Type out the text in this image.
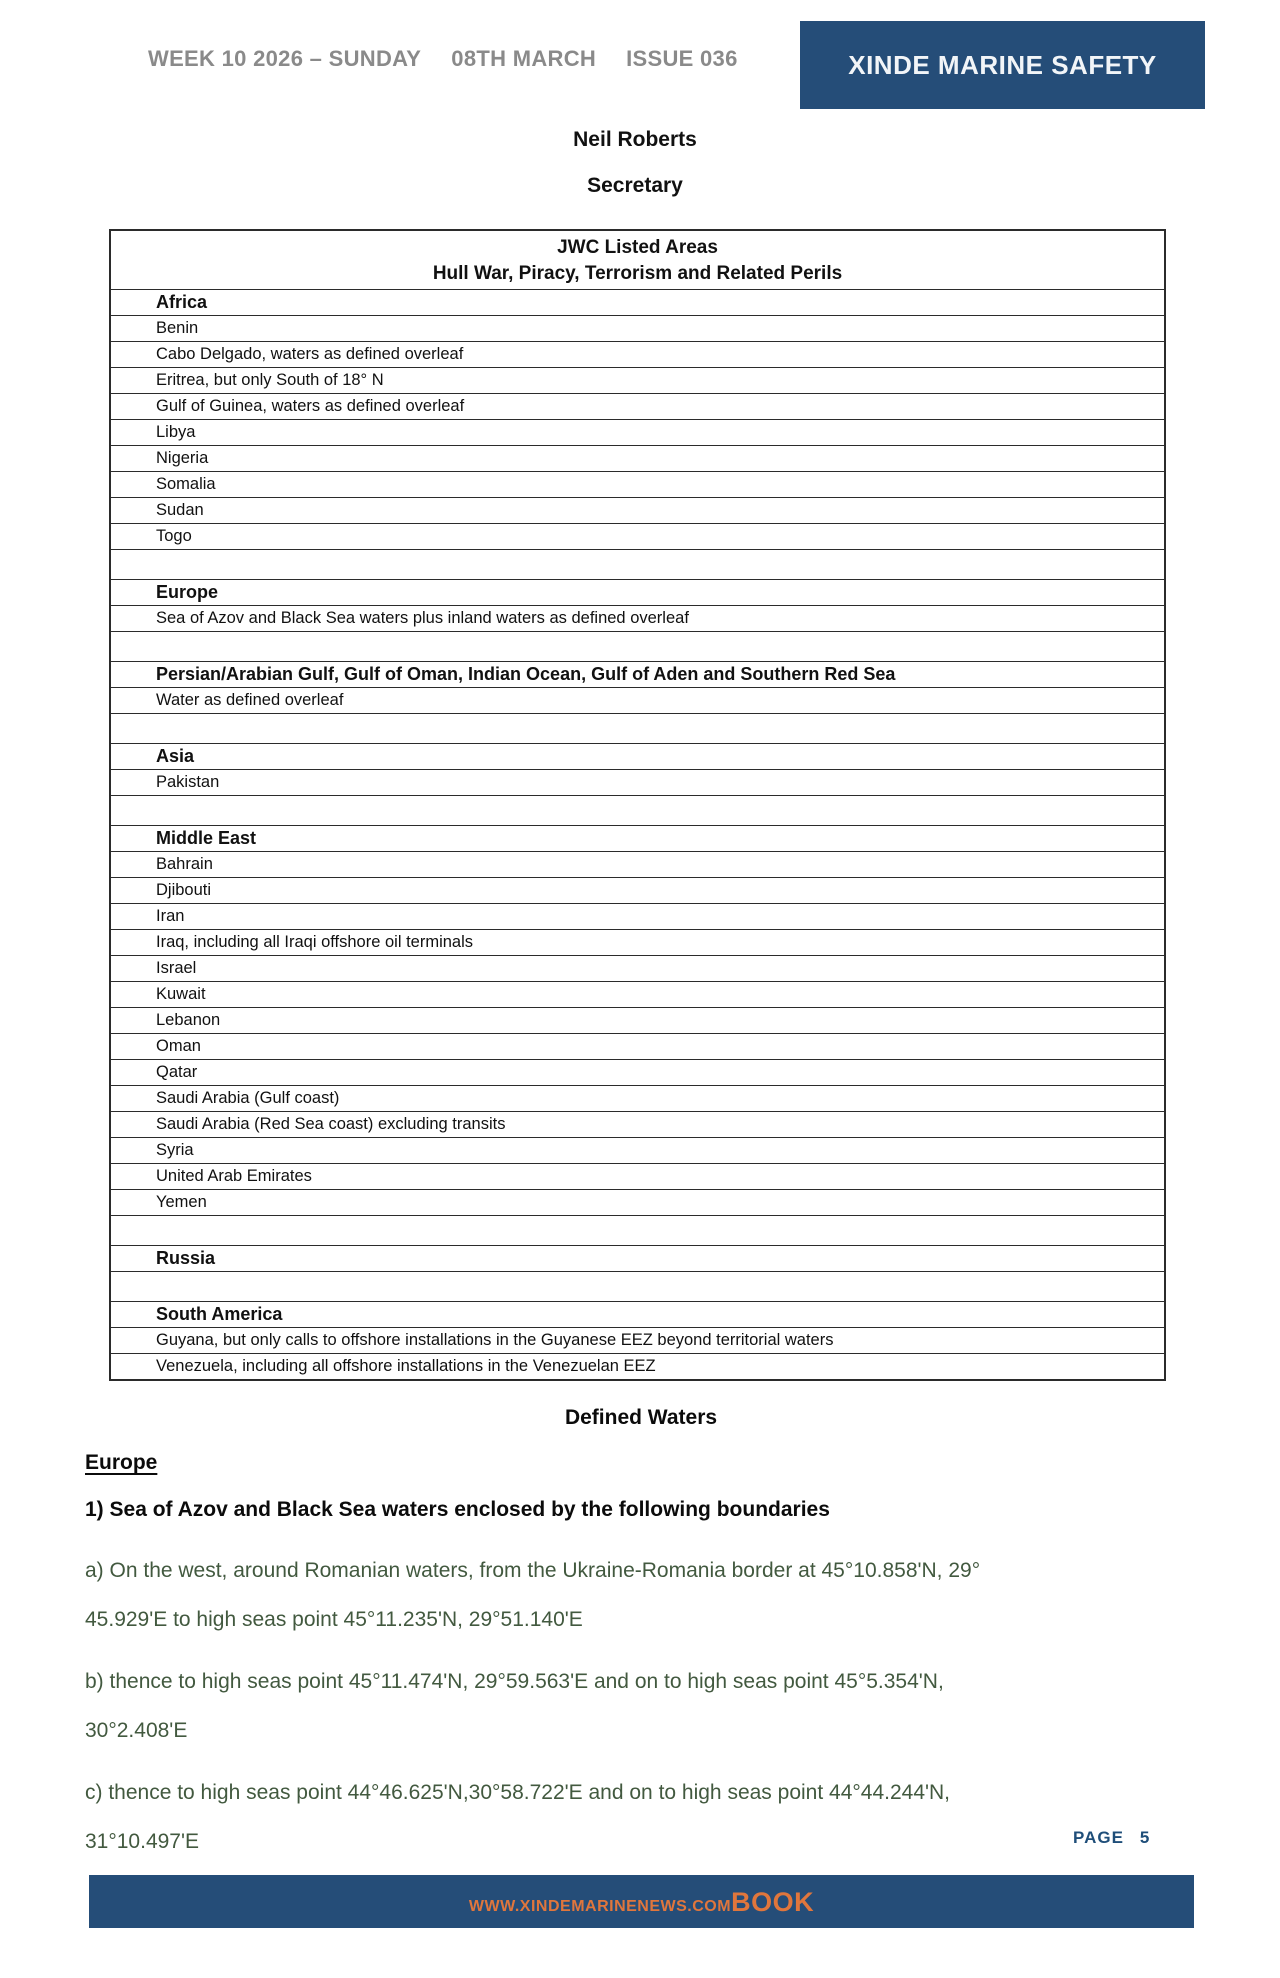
WEEK 10 2026 – SUNDAY 08TH MARCH ISSUE 036	XINDE MARINE SAFETY
Neil Roberts
Secretary
JWC Listed Areas
Hull War, Piracy, Terrorism and Related Perils
Africa
Benin
Cabo Delgado, waters as defined overleaf
Eritrea, but only South of 18° N
Gulf of Guinea, waters as defined overleaf
Libya
Nigeria
Somalia
Sudan
Togo
Europe
Sea of Azov and Black Sea waters plus inland waters as defined overleaf
Persian/Arabian Gulf, Gulf of Oman, Indian Ocean, Gulf of Aden and Southern Red Sea
Water as defined overleaf
Asia
Pakistan
Middle East
Bahrain
Djibouti
Iran
Iraq, including all Iraqi offshore oil terminals
Israel
Kuwait
Lebanon
Oman
Qatar
Saudi Arabia (Gulf coast)
Saudi Arabia (Red Sea coast) excluding transits
Syria
United Arab Emirates
Yemen
Russia
South America
Guyana, but only calls to offshore installations in the Guyanese EEZ beyond territorial waters
Venezuela, including all offshore installations in the Venezuelan EEZ
Defined Waters
Europe
1) Sea of Azov and Black Sea waters enclosed by the following boundaries
a) On the west, around Romanian waters, from the Ukraine-Romania border at 45°10.858'N, 29°
45.929'E to high seas point 45°11.235'N, 29°51.140'E
b) thence to high seas point 45°11.474'N, 29°59.563'E and on to high seas point 45°5.354'N,
30°2.408'E
c) thence to high seas point 44°46.625'N,30°58.722'E and on to high seas point 44°44.244'N,
31°10.497'E	PAGE 5
WWW.XINDEMARINENEWS.COM BOOK
